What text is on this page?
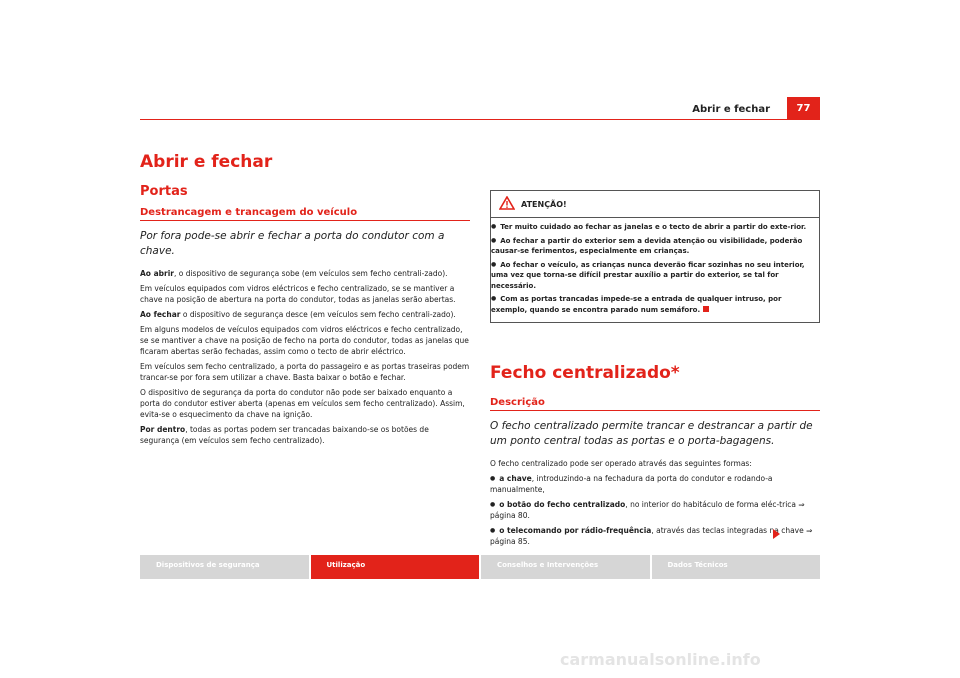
Abrir e fechar	77
Abrir e fechar
Portas
Destrancagem e trancagem do veículo
Por fora pode-se abrir e fechar a porta do condutor com a chave.

Ao abrir, o dispositivo de segurança sobe (em veículos sem fecho centrali-zado).

Em veículos equipados com vidros eléctricos e fecho centralizado, se se mantiver a chave na posição de abertura na porta do condutor, todas as janelas serão abertas.

Ao fechar o dispositivo de segurança desce (em veículos sem fecho centrali-zado).

Em alguns modelos de veículos equipados com vidros eléctricos e fecho centralizado, se se mantiver a chave na posição de fecho na porta do condutor, todas as janelas que ficaram abertas serão fechadas, assim como o tecto de abrir eléctrico.

Em veículos sem fecho centralizado, a porta do passageiro e as portas traseiras podem trancar-se por fora sem utilizar a chave. Basta baixar o botão e fechar.

O dispositivo de segurança da porta do condutor não pode ser baixado enquanto a porta do condutor estiver aberta (apenas em veículos sem fecho centralizado). Assim, evita-se o esquecimento da chave na ignição.

Por dentro, todas as portas podem ser trancadas baixando-se os botões de segurança (em veículos sem fecho centralizado).

ATENÇÃO!

● Ter muito cuidado ao fechar as janelas e o tecto de abrir a partir do exte-rior.

● Ao fechar a partir do exterior sem a devida atenção ou visibilidade, poderão causar-se ferimentos, especialmente em crianças.

● Ao fechar o veículo, as crianças nunca deverão ficar sozinhas no seu interior, uma vez que torna-se difícil prestar auxílio a partir do exterior, se tal for necessário.

● Com as portas trancadas impede-se a entrada de qualquer intruso, por exemplo, quando se encontra parado num semáforo.

Fecho centralizado*
Descrição
O fecho centralizado permite trancar e destrancar a partir de um ponto central todas as portas e o porta-bagagens.

O fecho centralizado pode ser operado através das seguintes formas:

● a chave, introduzindo-a na fechadura da porta do condutor e rodando-a manualmente,

● o botão do fecho centralizado, no interior do habitáculo de forma eléc-trica ⇒ página 80.

● o telecomando por rádio-frequência, através das teclas integradas na chave ⇒ página 85.

Dispositivos de segurança	Utilização	Conselhos e Intervenções	Dados Técnicos
carmanualsonline.info
